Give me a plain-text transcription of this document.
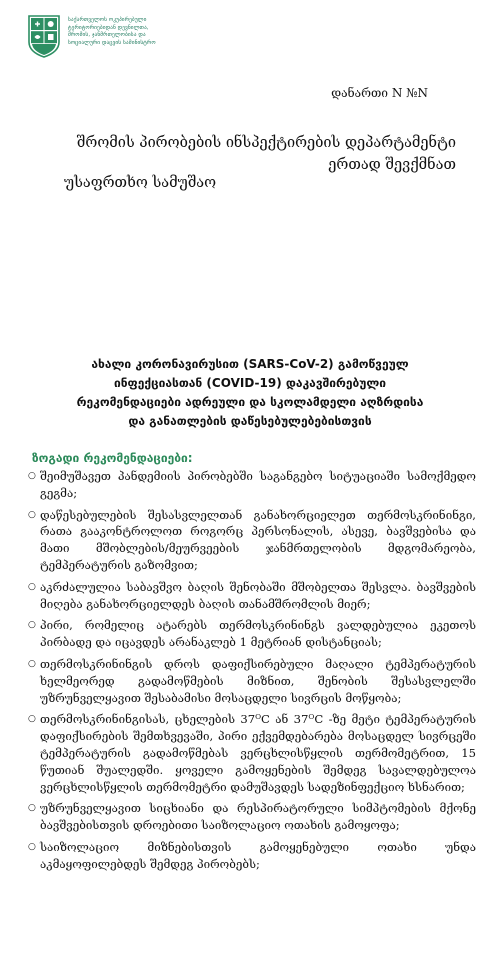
საქართველოს ოკუპირებული
ტერიტორიებიდან დევნილთა,
შრომის, ჯანმრთელობისა და
სოციალური დაცვის სამინისტრო
დანართი N №N
შრომის პირობების ინსპექტირების დეპარტამენტი
ერთად შევქმნათ
უსაფრთხო სამუშაო
ახალი კორონავირუსით (SARS-CoV-2) გამოწვეულ
ინფექციასთან (COVID-19) დაკავშირებული
რეკომენდაციები ადრეული და სკოლამდელი აღზრდისა
და განათლების დაწესებულებებისთვის
ზოგადი რეკომენდაციები:
○ შეიმუშავეთ პანდემიის პირობებში საგანგებო სიტუაციაში სამოქმედო გეგმა;
○ დაწესებულების შესასვლელთან განახორციელეთ თერმოსკრინინგი, რათა გააკონტროლოთ როგორც პერსონალის, ასევე, ბავშვებისა და მათი მშობლების/მეურვეების ჯანმრთელობის მდგომარეობა, ტემპერატურის გაზომვით;
○ აკრძალულია საბავშვო ბაღის შენობაში მშობელთა შესვლა. ბავშვების მიღება განახორციელდეს ბაღის თანამშრომლის მიერ;
○ პირი, რომელიც ატარებს თერმოსკრინინგს ვალდებულია ეკეთოს პირბადე და იცავდეს არანაკლებ 1 მეტრიან დისტანციას;
○ თერმოსკრინინგის დროს დაფიქსირებული მაღალი ტემპერატურის ხელმეორედ გადამოწმების მიზნით, შენობის შესასვლელში უზრუნველყავით შესაბამისი მოსაცდელი სივრცის მოწყობა;
○ თერმოსკრინინგისას, ცხელების 37ᴼC ან 37ᴼC -ზე მეტი ტემპერატურის დაფიქსირების შემთხვევაში, პირი ექვემდებარება მოსაცდელ სივრცეში ტემპერატურის გადამოწმებას ვერცხლისწყლის თერმომეტრით, 15 წუთიან შუალედში. ყოველი გამოყენების შემდეგ სავალდებულოა ვერცხლისწყლის თერმომეტრი დამუშავდეს სადეზინფექციო ხსნარით;
○ უზრუნველყავით სიცხიანი და რესპირატორული სიმპტომების მქონე ბავშვებისთვის დროებითი საიზოლაციო ოთახის გამოყოფა;
○ საიზოლაციო მიზნებისთვის გამოყენებული ოთახი უნდა აკმაყოფილებდეს შემდეგ პირობებს;
